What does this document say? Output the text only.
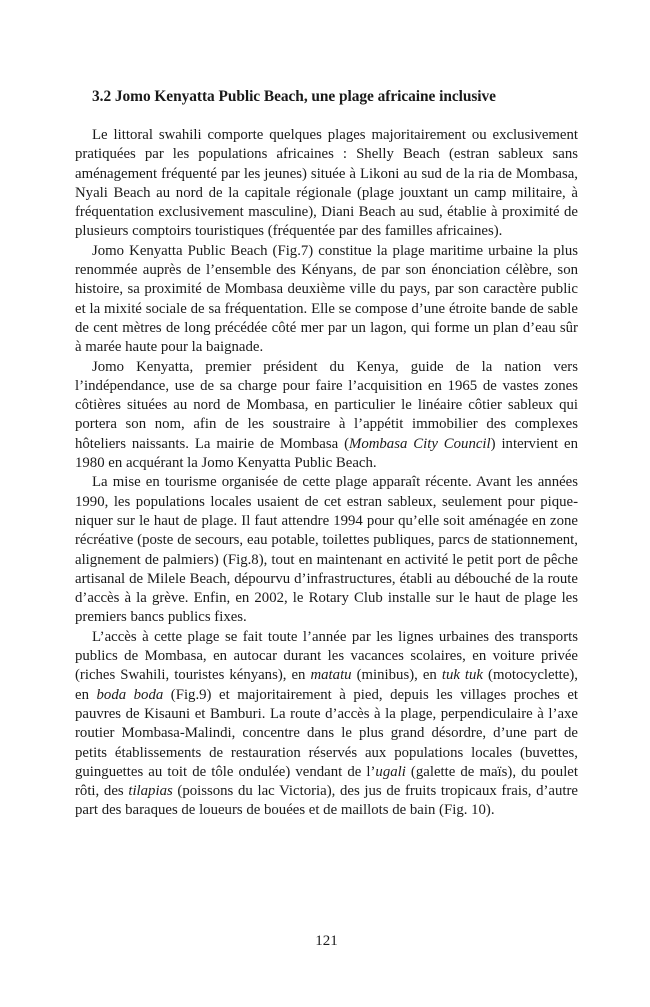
3.2 Jomo Kenyatta Public Beach, une plage africaine inclusive

Le littoral swahili comporte quelques plages majoritairement ou exclusivement pratiquées par les populations africaines : Shelly Beach (estran sableux sans aménagement fréquenté par les jeunes) située à Likoni au sud de la ria de Mombasa, Nyali Beach au nord de la capitale régionale (plage jouxtant un camp militaire, à fréquentation exclusivement masculine), Diani Beach au sud, établie à proximité de plusieurs comptoirs touristiques (fréquentée par des familles africaines).

Jomo Kenyatta Public Beach (Fig.7) constitue la plage maritime urbaine la plus renommée auprès de l’ensemble des Kényans, de par son énonciation célèbre, son histoire, sa proximité de Mombasa deuxième ville du pays, par son caractère public et la mixité sociale de sa fréquentation. Elle se compose d’une étroite bande de sable de cent mètres de long précédée côté mer par un lagon, qui forme un plan d’eau sûr à marée haute pour la baignade.

Jomo Kenyatta, premier président du Kenya, guide de la nation vers l’indépendance, use de sa charge pour faire l’acquisition en 1965 de vastes zones côtières situées au nord de Mombasa, en particulier le linéaire côtier sableux qui portera son nom, afin de les soustraire à l’appétit immobilier des complexes hôteliers naissants. La mairie de Mombasa (Mombasa City Council) intervient en 1980 en acquérant la Jomo Kenyatta Public Beach.

La mise en tourisme organisée de cette plage apparaît récente. Avant les années 1990, les populations locales usaient de cet estran sableux, seulement pour pique-niquer sur le haut de plage. Il faut attendre 1994 pour qu’elle soit aménagée en zone récréative (poste de secours, eau potable, toilettes publiques, parcs de stationnement, alignement de palmiers) (Fig.8), tout en maintenant en activité le petit port de pêche artisanal de Milele Beach, dépourvu d’infrastructures, établi au débouché de la route d’accès à la grève. Enfin, en 2002, le Rotary Club installe sur le haut de plage les premiers bancs publics fixes.

L’accès à cette plage se fait toute l’année par les lignes urbaines des transports publics de Mombasa, en autocar durant les vacances scolaires, en voiture privée (riches Swahili, touristes kényans), en matatu (minibus), en tuk tuk (motocyclette), en boda boda (Fig.9) et majoritairement à pied, depuis les villages proches et pauvres de Kisauni et Bamburi. La route d’accès à la plage, perpendiculaire à l’axe routier Mombasa-Malindi, concentre dans le plus grand désordre, d’une part de petits établissements de restauration réservés aux populations locales (buvettes, guinguettes au toit de tôle ondulée) vendant de l’ugali (galette de maïs), du poulet rôti, des tilapias (poissons du lac Victoria), des jus de fruits tropicaux frais, d’autre part des baraques de loueurs de bouées et de maillots de bain (Fig. 10).

121
